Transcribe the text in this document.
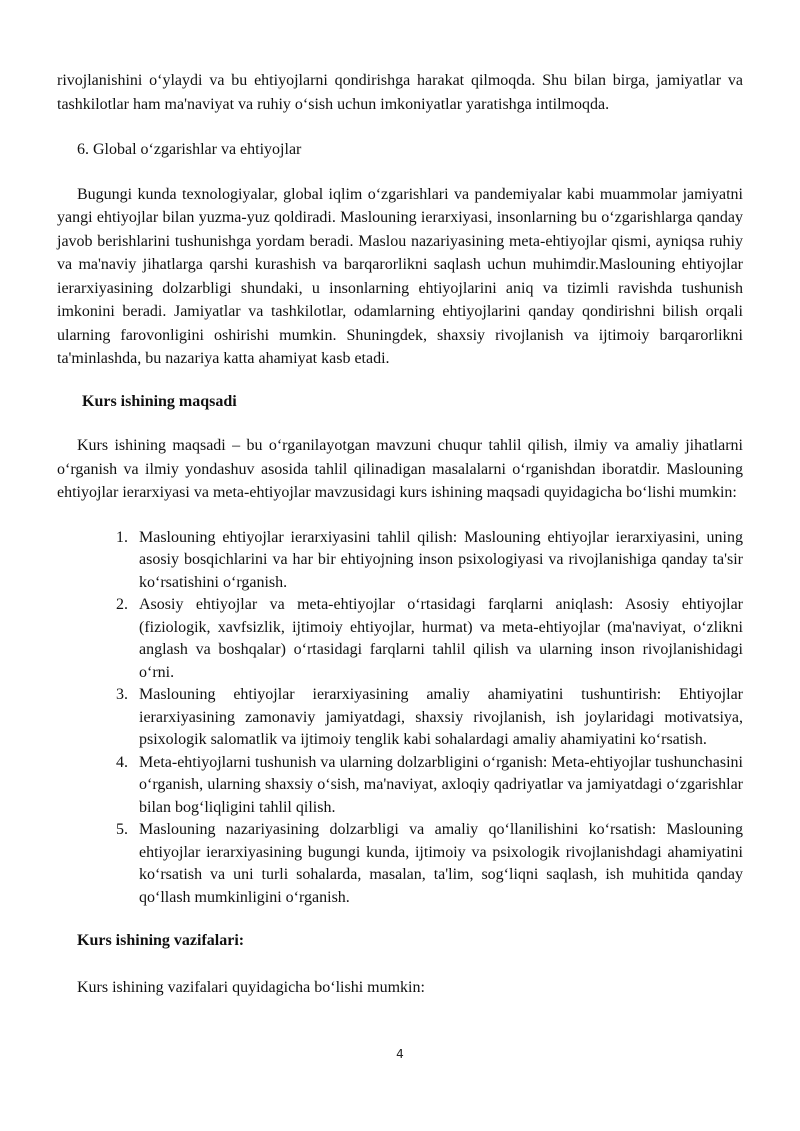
rivojlanishini o‘ylaydi va bu ehtiyojlarni qondirishga harakat qilmoqda. Shu bilan birga, jamiyatlar va tashkilotlar ham ma'naviyat va ruhiy o‘sish uchun imkoniyatlar yaratishga intilmoqda.

6. Global o‘zgarishlar va ehtiyojlar

Bugungi kunda texnologiyalar, global iqlim o‘zgarishlari va pandemiyalar kabi muammolar jamiyatni yangi ehtiyojlar bilan yuzma-yuz qoldiradi. Maslouning ierarxiyasi, insonlarning bu o‘zgarishlarga qanday javob berishlarini tushunishga yordam beradi. Maslou nazariyasining meta-ehtiyojlar qismi, ayniqsa ruhiy va ma'naviy jihatlarga qarshi kurashish va barqarorlikni saqlash uchun muhimdir.Maslouning ehtiyojlar ierarxiyasining dolzarbligi shundaki, u insonlarning ehtiyojlarini aniq va tizimli ravishda tushunish imkonini beradi. Jamiyatlar va tashkilotlar, odamlarning ehtiyojlarini qanday qondirishni bilish orqali ularning farovonligini oshirishi mumkin. Shuningdek, shaxsiy rivojlanish va ijtimoiy barqarorlikni ta'minlashda, bu nazariya katta ahamiyat kasb etadi.

Kurs ishining maqsadi

Kurs ishining maqsadi – bu o‘rganilayotgan mavzuni chuqur tahlil qilish, ilmiy va amaliy jihatlarni o‘rganish va ilmiy yondashuv asosida tahlil qilinadigan masalalarni o‘rganishdan iboratdir. Maslouning ehtiyojlar ierarxiyasi va meta-ehtiyojlar mavzusidagi kurs ishining maqsadi quyidagicha bo‘lishi mumkin:

1. Maslouning ehtiyojlar ierarxiyasini tahlil qilish: Maslouning ehtiyojlar ierarxiyasini, uning asosiy bosqichlarini va har bir ehtiyojning inson psixologiyasi va rivojlanishiga qanday ta'sir ko‘rsatishini o‘rganish.
2. Asosiy ehtiyojlar va meta-ehtiyojlar o‘rtasidagi farqlarni aniqlash: Asosiy ehtiyojlar (fiziologik, xavfsizlik, ijtimoiy ehtiyojlar, hurmat) va meta-ehtiyojlar (ma'naviyat, o‘zlikni anglash va boshqalar) o‘rtasidagi farqlarni tahlil qilish va ularning inson rivojlanishidagi o‘rni.
3. Maslouning ehtiyojlar ierarxiyasining amaliy ahamiyatini tushuntirish: Ehtiyojlar ierarxiyasining zamonaviy jamiyatdagi, shaxsiy rivojlanish, ish joylaridagi motivatsiya, psixologik salomatlik va ijtimoiy tenglik kabi sohalardagi amaliy ahamiyatini ko‘rsatish.
4. Meta-ehtiyojlarni tushunish va ularning dolzarbligini o‘rganish: Meta-ehtiyojlar tushunchasini o‘rganish, ularning shaxsiy o‘sish, ma'naviyat, axloqiy qadriyatlar va jamiyatdagi o‘zgarishlar bilan bog‘liqligini tahlil qilish.
5. Maslouning nazariyasining dolzarbligi va amaliy qo‘llanilishini ko‘rsatish: Maslouning ehtiyojlar ierarxiyasining bugungi kunda, ijtimoiy va psixologik rivojlanishdagi ahamiyatini ko‘rsatish va uni turli sohalarda, masalan, ta'lim, sog‘liqni saqlash, ish muhitida qanday qo‘llash mumkinligini o‘rganish.

Kurs ishining vazifalari:

Kurs ishining vazifalari quyidagicha bo‘lishi mumkin:

4
